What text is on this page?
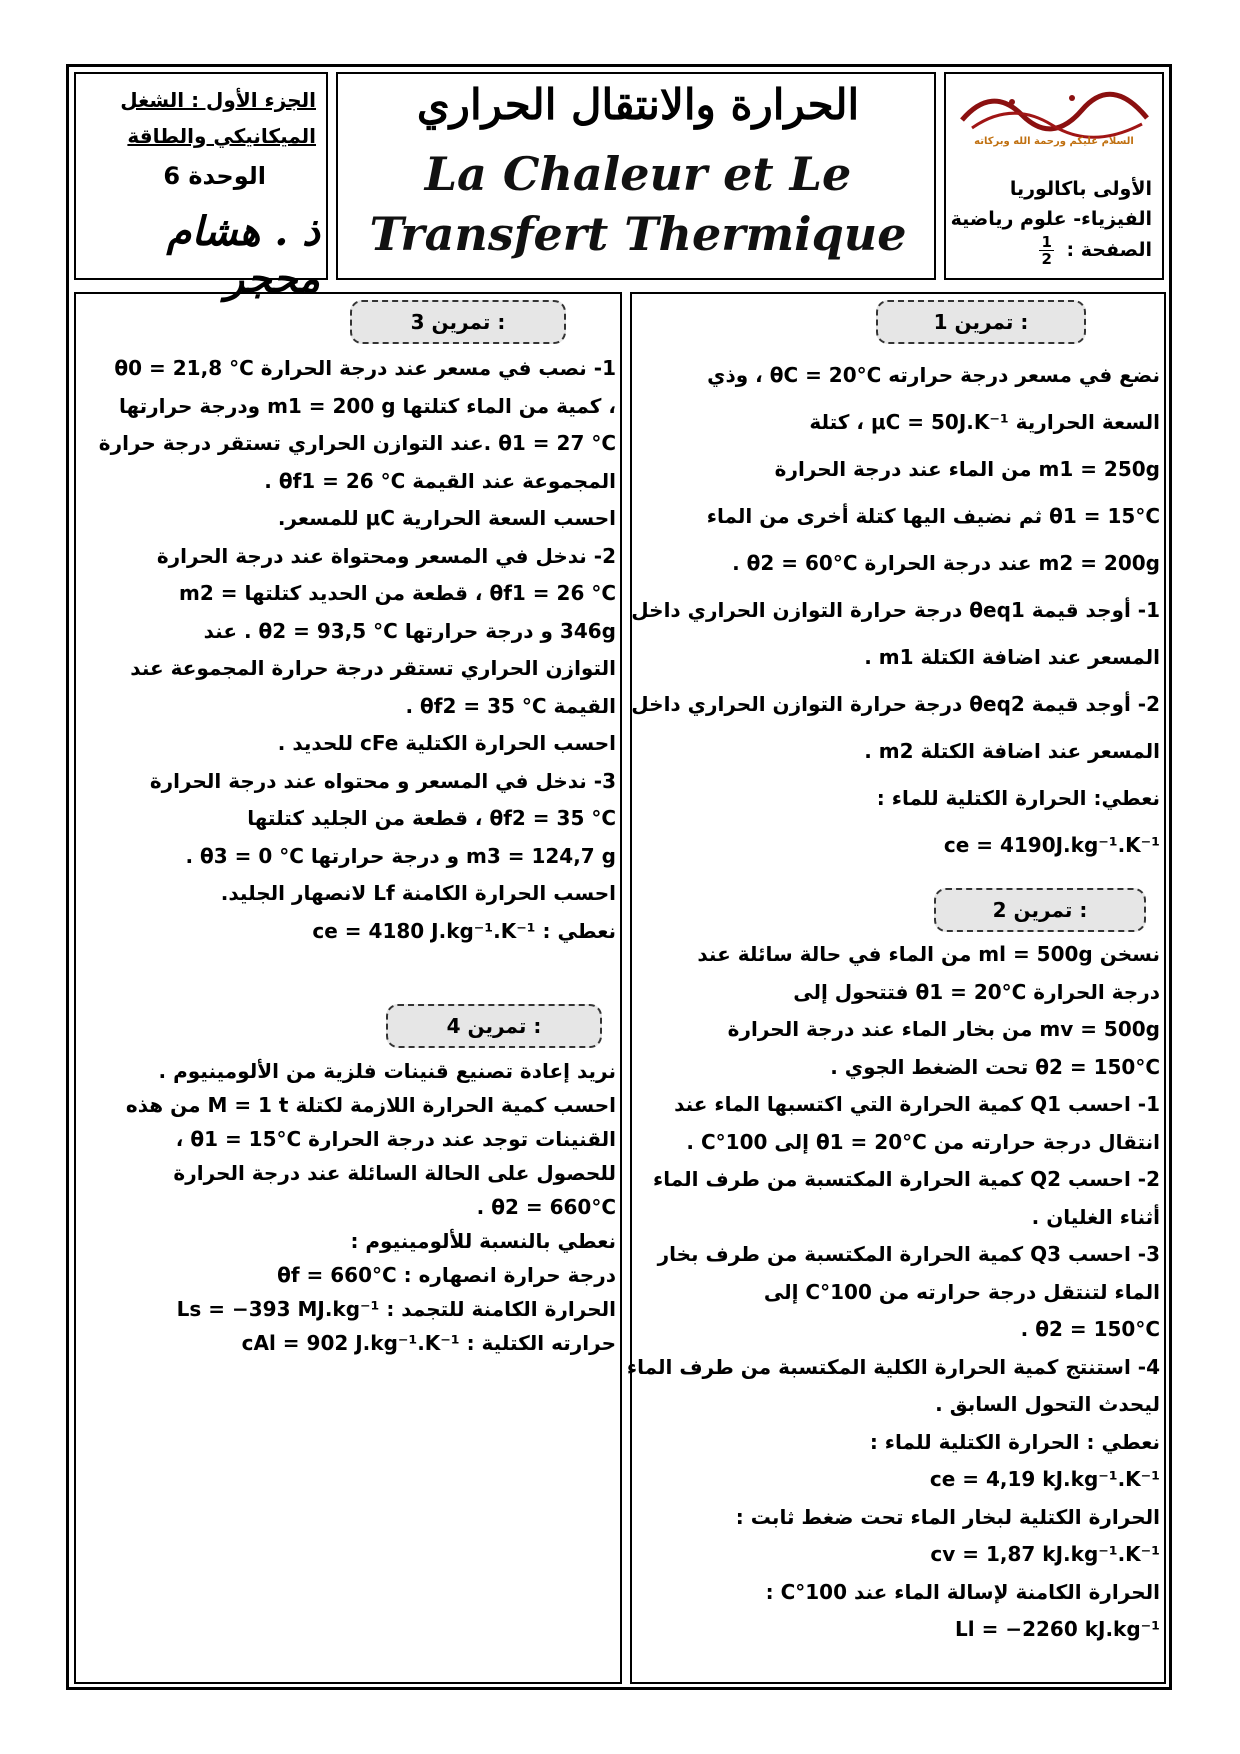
الجزء الأول : الشغل الميكانيكي والطاقة
الوحدة 6
ذ . هشام محجر
الحرارة والانتقال الحراري
La Chaleur et Le Transfert Thermique
السلام عليكم ورحمة الله وبركاته
الأولى باكالوريا
الفيزياء- علوم رياضية
الصفحة :
$\frac{1}{2}$
تمرين 1 :
نضع في مسعر درجة حرارته θC = 20°C ، وذي
السعة الحرارية μC = 50J.K⁻¹ ، كتلة
m1 = 250g من الماء عند درجة الحرارة
θ1 = 15°C ثم نضيف اليها كتلة أخرى من الماء
m2 = 200g عند درجة الحرارة θ2 = 60°C .
1- أوجد قيمة θeq1 درجة حرارة التوازن الحراري داخل
المسعر عند اضافة الكتلة m1 .
2- أوجد قيمة θeq2 درجة حرارة التوازن الحراري داخل
المسعر عند اضافة الكتلة m2 .
نعطي: الحرارة الكتلية للماء :
ce = 4190J.kg⁻¹.K⁻¹
تمرين 2 :
نسخن ml = 500g من الماء في حالة سائلة عند
درجة الحرارة θ1 = 20°C فتتحول إلى
mv = 500g من بخار الماء عند درجة الحرارة
θ2 = 150°C تحت الضغط الجوي .
1- احسب Q1 كمية الحرارة التي اكتسبها الماء عند
انتقال درجة حرارته من θ1 = 20°C إلى 100°C .
2- احسب Q2 كمية الحرارة المكتسبة من طرف الماء
أثناء الغليان .
3- احسب Q3 كمية الحرارة المكتسبة من طرف بخار
الماء لتنتقل درجة حرارته من 100°C إلى
θ2 = 150°C .
4- استنتج كمية الحرارة الكلية المكتسبة من طرف الماء
ليحدث التحول السابق .
نعطي : الحرارة الكتلية للماء :
ce = 4,19 kJ.kg⁻¹.K⁻¹
الحرارة الكتلية لبخار الماء تحت ضغط ثابت :
cv = 1,87 kJ.kg⁻¹.K⁻¹
الحرارة الكامنة لإسالة الماء عند 100°C :
Ll = −2260 kJ.kg⁻¹
تمرين 3 :
1- نصب في مسعر عند درجة الحرارة θ0 = 21,8 °C
، كمية من الماء كتلتها m1 = 200 g ودرجة حرارتها
θ1 = 27 °C .عند التوازن الحراري تستقر درجة حرارة
المجموعة عند القيمة θf1 = 26 °C .
احسب السعة الحرارية μC للمسعر.
2- ندخل في المسعر ومحتواة عند درجة الحرارة
θf1 = 26 °C ، قطعة من الحديد كتلتها = m2
346g و درجة حرارتها θ2 = 93,5 °C . عند
التوازن الحراري تستقر درجة حرارة المجموعة عند
القيمة θf2 = 35 °C .
احسب الحرارة الكتلية cFe للحديد .
3- ندخل في المسعر و محتواه عند درجة الحرارة
θf2 = 35 °C ، قطعة من الجليد كتلتها
m3 = 124,7 g و درجة حرارتها θ3 = 0 °C .
احسب الحرارة الكامنة Lf لانصهار الجليد.
نعطي : ce = 4180 J.kg⁻¹.K⁻¹
تمرين 4 :
نريد إعادة تصنيع قنينات فلزية من الألومينيوم .
احسب كمية الحرارة اللازمة لكتلة M = 1 t من هذه
القنينات توجد عند درجة الحرارة θ1 = 15°C ،
للحصول على الحالة السائلة عند درجة الحرارة
θ2 = 660°C .
نعطي بالنسبة للألومينيوم :
درجة حرارة انصهاره : θf = 660°C
الحرارة الكامنة للتجمد : Ls = −393 MJ.kg⁻¹
حرارته الكتلية : cAl = 902 J.kg⁻¹.K⁻¹
